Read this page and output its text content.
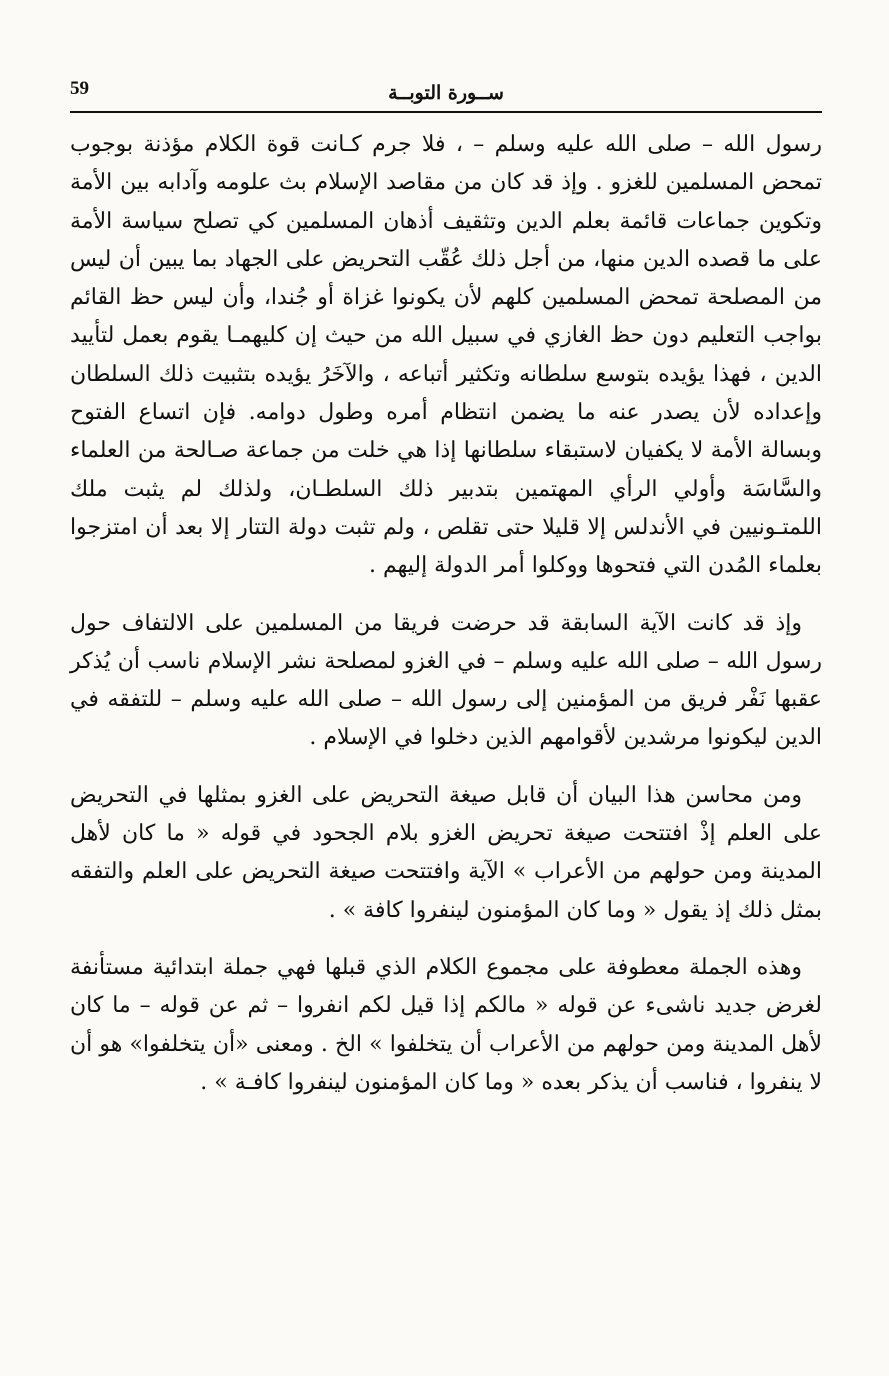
59	ســورة التوبــة

رسول الله – صلى الله عليه وسلم – ، فلا جرم كـانت قوة الكلام مؤذنة بوجوب تمحض المسلمين للغزو . وإذ قد كان من مقاصد الإسلام بث علومه وآدابه بين الأمة وتكوين جماعات قائمة بعلم الدين وتثقيف أذهان المسلمين كي تصلح سياسة الأمة على ما قصده الدين منها، من أجل ذلك عُقّب التحريض على الجهاد بما يبين أن ليس من المصلحة تمحض المسلمين كلهم لأن يكونوا غزاة أو جُندا، وأن ليس حظ القائم بواجب التعليم دون حظ الغازي في سبيل الله من حيث إن كليهمـا يقوم بعمل لتأييد الدين ، فهذا يؤيده بتوسع سلطانه وتكثير أتباعه ، والآخَرُ يؤيده بتثبيت ذلك السلطان وإعداده لأن يصدر عنه ما يضمن انتظام أمره وطول دوامه. فإن اتساع الفتوح وبسالة الأمة لا يكفيان لاستبقاء سلطانها إذا هي خلت من جماعة صـالحة من العلماء والسَّاسَة وأولي الرأي المهتمين بتدبير ذلك السلطـان، ولذلك لم يثبت ملك اللمتـونيين في الأندلس إلا قليلا حتى تقلص ، ولم تثبت دولة التتار إلا بعد أن امتزجوا بعلماء المُدن التي فتحوها ووكلوا أمر الدولة إليهم .

وإذ قد كانت الآية السابقة قد حرضت فريقا من المسلمين على الالتفاف حول رسول الله – صلى الله عليه وسلم – في الغزو لمصلحة نشر الإسلام ناسب أن يُذكر عقبها نَفْر فريق من المؤمنين إلى رسول الله – صلى الله عليه وسلم – للتفقه في الدين ليكونوا مرشدين لأقوامهم الذين دخلوا في الإسلام .

ومن محاسن هذا البيان أن قابل صيغة التحريض على الغزو بمثلها في التحريض على العلم إذْ افتتحت صيغة تحريض الغزو بلام الجحود في قوله « ما كان لأهل المدينة ومن حولهم من الأعراب » الآية وافتتحت صيغة التحريض على العلم والتفقه بمثل ذلك إذ يقول « وما كان المؤمنون لينفروا كافة » .

وهذه الجملة معطوفة على مجموع الكلام الذي قبلها فهي جملة ابتدائية مستأنفة لغرض جديد ناشىء عن قوله « مالكم إذا قيل لكم انفروا – ثم عن قوله – ما كان لأهل المدينة ومن حولهم من الأعراب أن يتخلفوا » الخ . ومعنى «أن يتخلفوا» هو أن لا ينفروا ، فناسب أن يذكر بعده « وما كان المؤمنون لينفروا كافـة » .
